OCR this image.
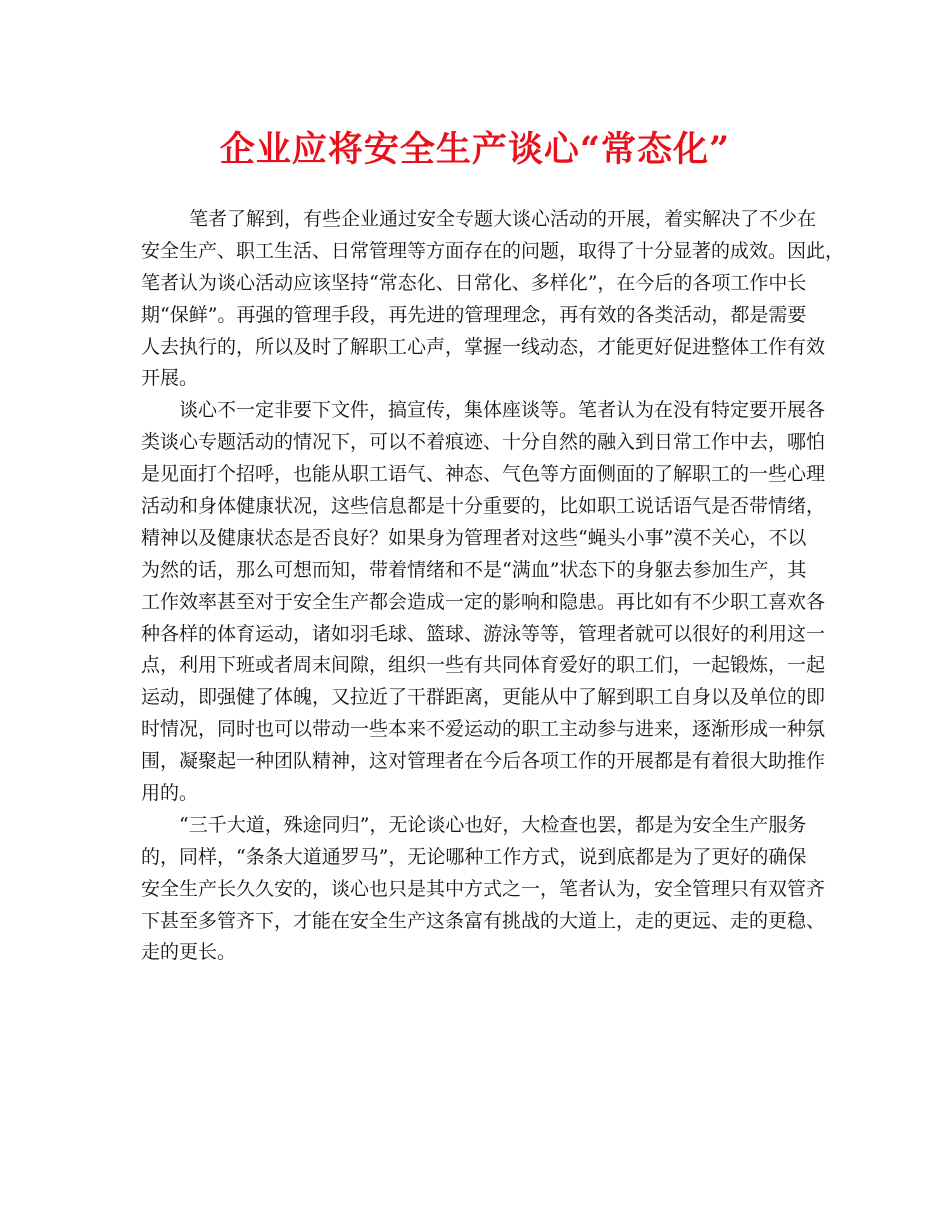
企业应将安全生产谈心“常态化”
笔者了解到，有些企业通过安全专题大谈心活动的开展，着实解决了不少在
安全生产、职工生活、日常管理等方面存在的问题，取得了十分显著的成效。因此，
笔者认为谈心活动应该坚持“常态化、日常化、多样化”，在今后的各项工作中长
期“保鲜”。再强的管理手段，再先进的管理理念，再有效的各类活动，都是需要
人去执行的，所以及时了解职工心声，掌握一线动态，才能更好促进整体工作有效
开展。
谈心不一定非要下文件，搞宣传，集体座谈等。笔者认为在没有特定要开展各
类谈心专题活动的情况下，可以不着痕迹、十分自然的融入到日常工作中去，哪怕
是见面打个招呼，也能从职工语气、神态、气色等方面侧面的了解职工的一些心理
活动和身体健康状况，这些信息都是十分重要的，比如职工说话语气是否带情绪，
精神以及健康状态是否良好？如果身为管理者对这些“蝇头小事”漠不关心，不以
为然的话，那么可想而知，带着情绪和不是“满血”状态下的身躯去参加生产，其
工作效率甚至对于安全生产都会造成一定的影响和隐患。再比如有不少职工喜欢各
种各样的体育运动，诸如羽毛球、篮球、游泳等等，管理者就可以很好的利用这一
点，利用下班或者周末间隙，组织一些有共同体育爱好的职工们，一起锻炼，一起
运动，即强健了体魄，又拉近了干群距离，更能从中了解到职工自身以及单位的即
时情况，同时也可以带动一些本来不爱运动的职工主动参与进来，逐渐形成一种氛
围，凝聚起一种团队精神，这对管理者在今后各项工作的开展都是有着很大助推作
用的。
“三千大道，殊途同归”，无论谈心也好，大检查也罢，都是为安全生产服务
的，同样，“条条大道通罗马”，无论哪种工作方式，说到底都是为了更好的确保
安全生产长久久安的，谈心也只是其中方式之一，笔者认为，安全管理只有双管齐
下甚至多管齐下，才能在安全生产这条富有挑战的大道上，走的更远、走的更稳、
走的更长。
